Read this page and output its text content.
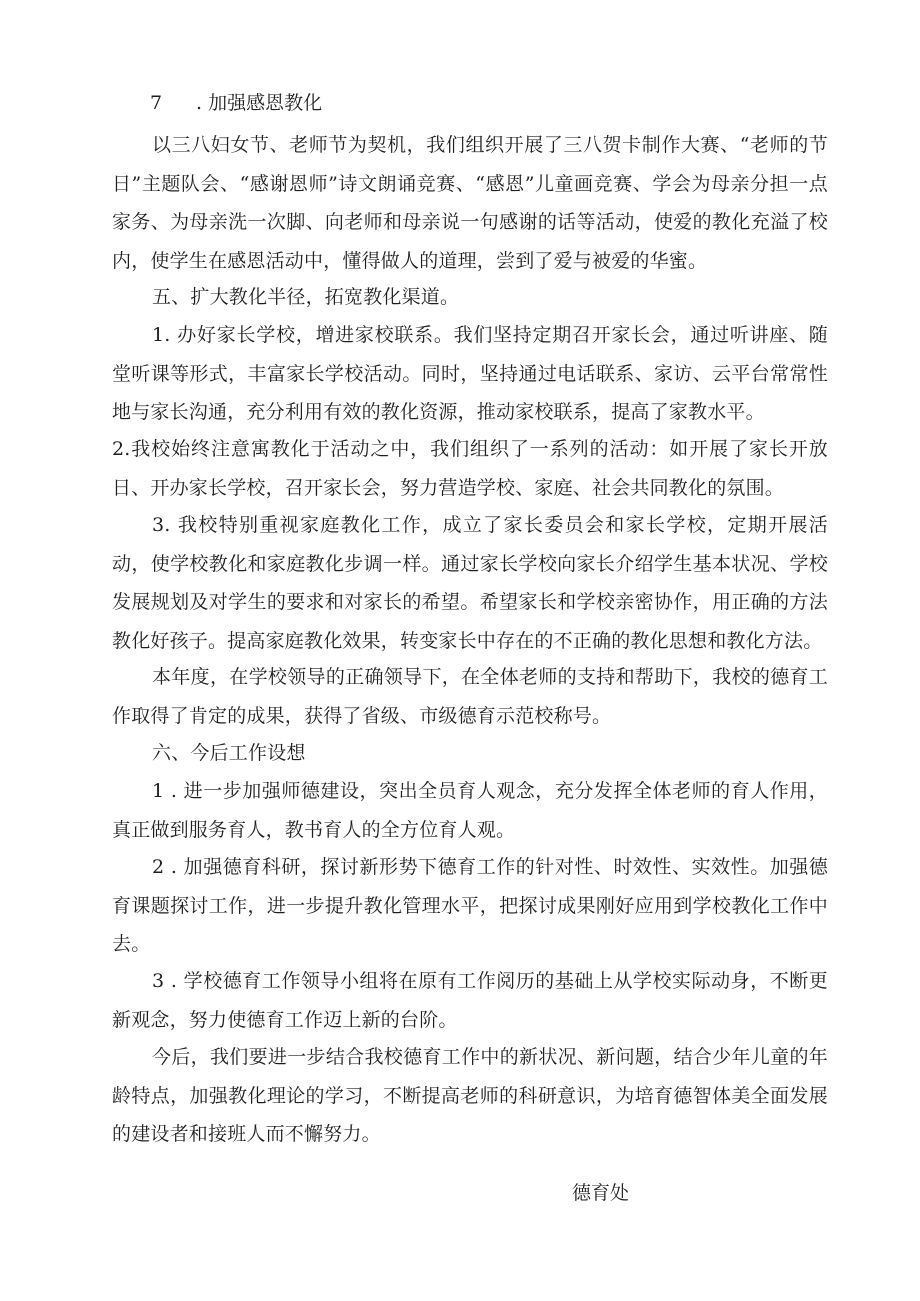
7 . 加强感恩教化
以三八妇女节、老师节为契机，我们组织开展了三八贺卡制作大赛、“老师的节日”主题队会、“感谢恩师”诗文朗诵竞赛、“感恩”儿童画竞赛、学会为母亲分担一点家务、为母亲洗一次脚、向老师和母亲说一句感谢的话等活动，使爱的教化充溢了校内，使学生在感恩活动中，懂得做人的道理，尝到了爱与被爱的华蜜。
五、扩大教化半径，拓宽教化渠道。
1. 办好家长学校，增进家校联系。我们坚持定期召开家长会，通过听讲座、随堂听课等形式，丰富家长学校活动。同时，坚持通过电话联系、家访、云平台常常性地与家长沟通，充分利用有效的教化资源，推动家校联系，提高了家教水平。
2.我校始终注意寓教化于活动之中，我们组织了一系列的活动：如开展了家长开放日、开办家长学校，召开家长会，努力营造学校、家庭、社会共同教化的氛围。
3. 我校特别重视家庭教化工作，成立了家长委员会和家长学校，定期开展活动，使学校教化和家庭教化步调一样。通过家长学校向家长介绍学生基本状况、学校发展规划及对学生的要求和对家长的希望。希望家长和学校亲密协作，用正确的方法教化好孩子。提高家庭教化效果，转变家长中存在的不正确的教化思想和教化方法。
本年度，在学校领导的正确领导下，在全体老师的支持和帮助下，我校的德育工作取得了肯定的成果，获得了省级、市级德育示范校称号。
六、今后工作设想
1 . 进一步加强师德建设，突出全员育人观念，充分发挥全体老师的育人作用，真正做到服务育人，教书育人的全方位育人观。
2 . 加强德育科研，探讨新形势下德育工作的针对性、时效性、实效性。加强德育课题探讨工作，进一步提升教化管理水平，把探讨成果刚好应用到学校教化工作中去。
3 . 学校德育工作领导小组将在原有工作阅历的基础上从学校实际动身，不断更新观念，努力使德育工作迈上新的台阶。
今后，我们要进一步结合我校德育工作中的新状况、新问题，结合少年儿童的年龄特点，加强教化理论的学习，不断提高老师的科研意识，为培育德智体美全面发展的建设者和接班人而不懈努力。
德育处
